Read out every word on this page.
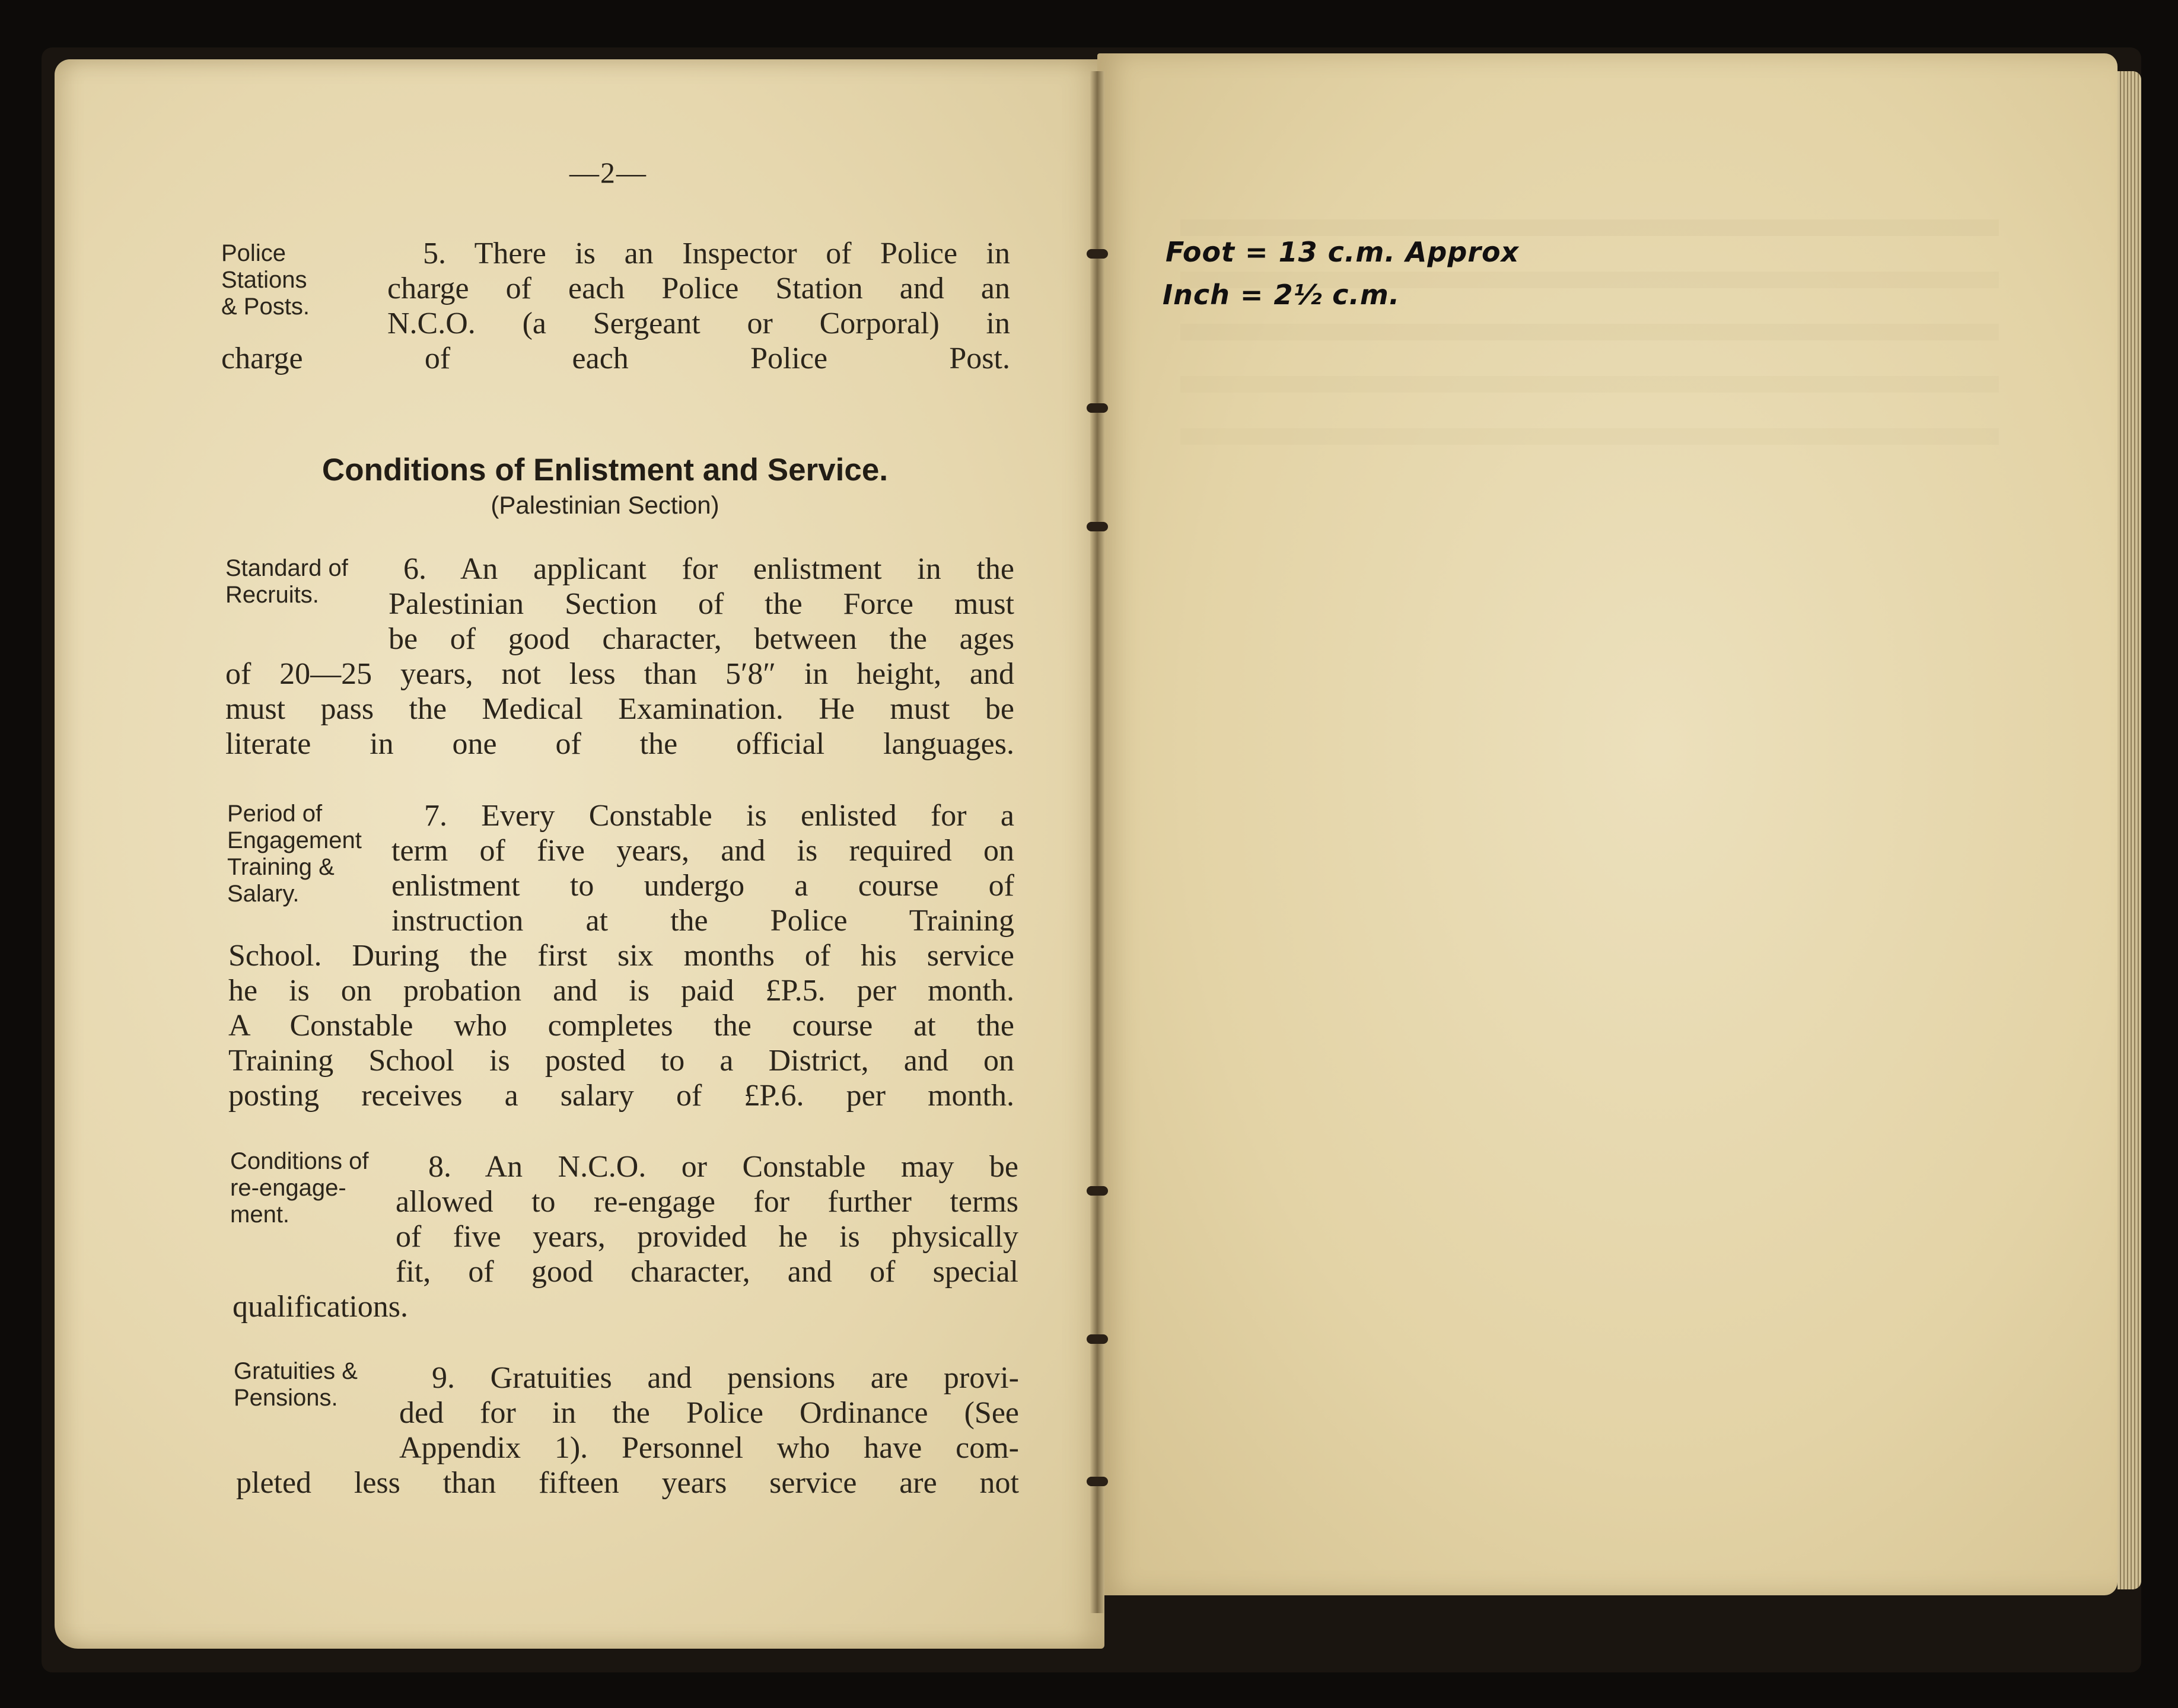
—2—
Police
Stations
& Posts.
5. There is an Inspector of Police in
charge of each Police Station and an
N.C.O. (a Sergeant or Corporal) in
charge of each Police Post.
Conditions of Enlistment and Service.
(Palestinian Section)
Standard of
Recruits.
6. An applicant for enlistment in the
Palestinian Section of the Force must
be of good character, between the ages
of 20—25 years, not less than 5′8″ in height, and
must pass the Medical Examination. He must be
literate in one of the official languages.
Period of
Engagement
Training &
Salary.
7. Every Constable is enlisted for a
term of five years, and is required on
enlistment to undergo a course of
instruction at the Police Training
School. During the first six months of his service
he is on probation and is paid £P.5. per month.
A Constable who completes the course at the
Training School is posted to a District, and on
posting receives a salary of £P.6. per month.
Conditions of
re-engage-
ment.
8. An N.C.O. or Constable may be
allowed to re-engage for further terms
of five years, provided he is physically
fit, of good character, and of special
qualifications.
Gratuities &
Pensions.
9. Gratuities and pensions are provi-
ded for in the Police Ordinance (See
Appendix 1). Personnel who have com-
pleted less than fifteen years service are not
Foot = 13 c.m. Approx
Inch = 2½ c.m.
